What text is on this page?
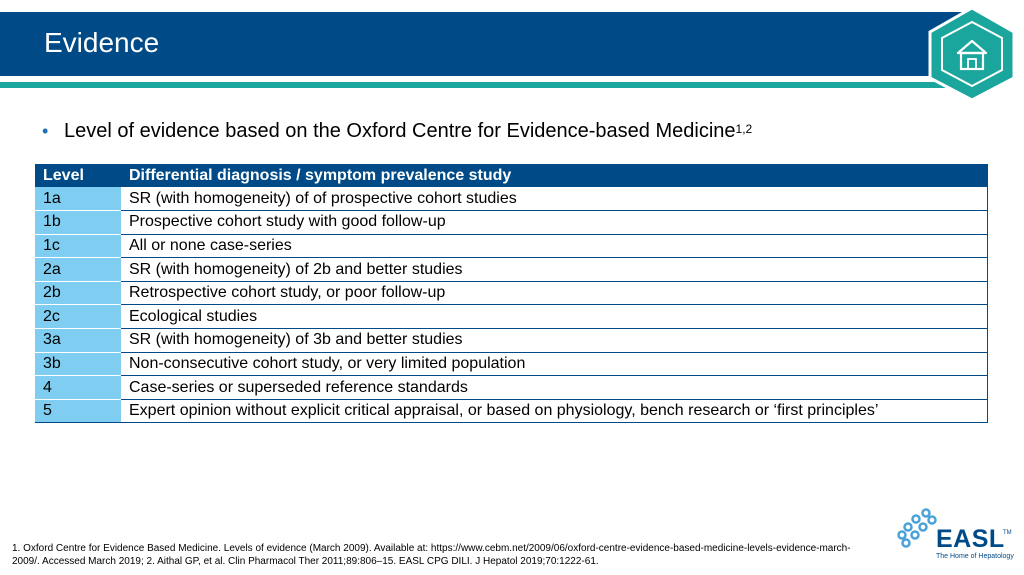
Evidence
• Level of evidence based on the Oxford Centre for Evidence-based Medicine$^{1,2}$
Level	Differential diagnosis / symptom prevalence study
1a	SR (with homogeneity) of of prospective cohort studies
1b	Prospective cohort study with good follow-up
1c	All or none case-series
2a	SR (with homogeneity) of 2b and better studies
2b	Retrospective cohort study, or poor follow-up
2c	Ecological studies
3a	SR (with homogeneity) of 3b and better studies
3b	Non-consecutive cohort study, or very limited population
4	Case-series or superseded reference standards
5	Expert opinion without explicit critical appraisal, or based on physiology, bench research or ‘first principles’
1. Oxford Centre for Evidence Based Medicine. Levels of evidence (March 2009). Available at: https://www.cebm.net/2009/06/oxford-centre-evidence-based-medicine-levels-evidence-march-2009/. Accessed March 2019; 2. Aithal GP, et al. Clin Pharmacol Ther 2011;89:806–15. EASL CPG DILI. J Hepatol 2019;70:1222-61.
EASL
TM
The Home of Hepatology
